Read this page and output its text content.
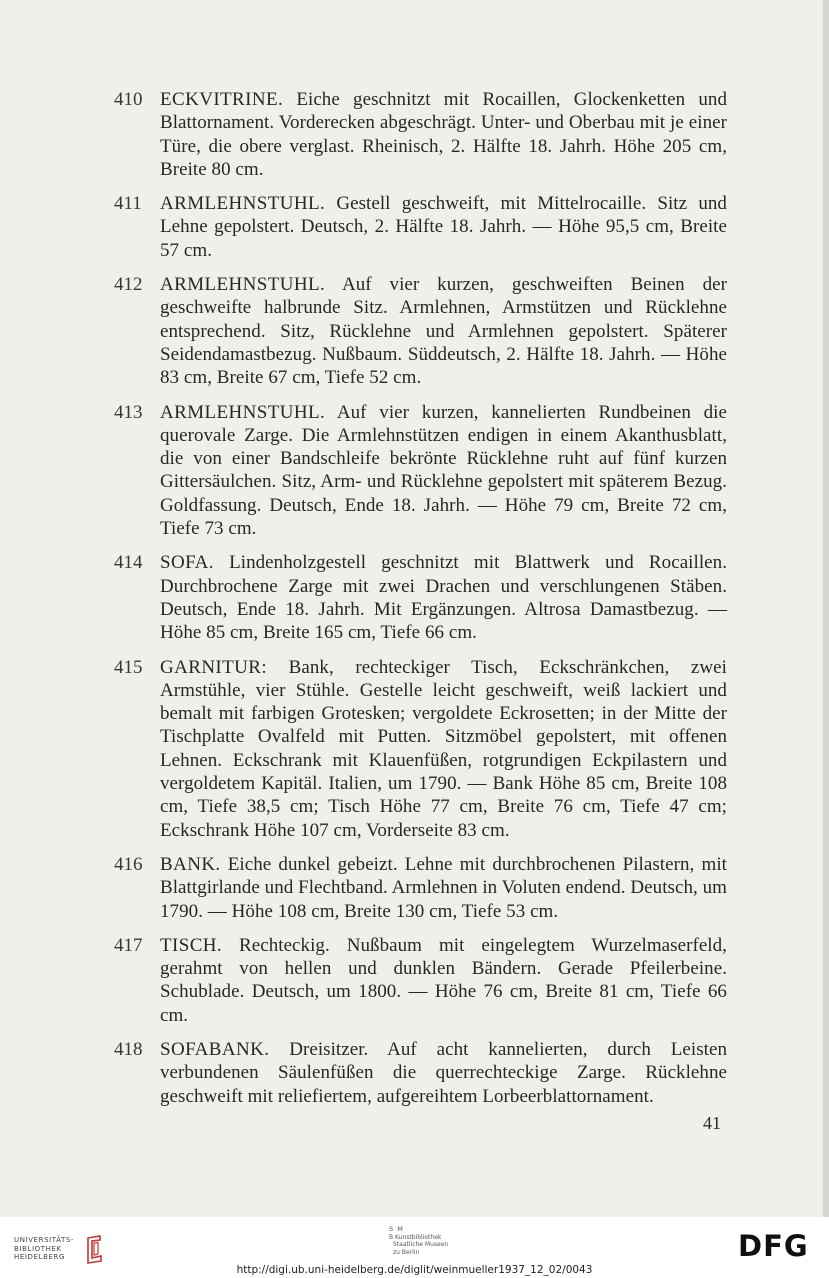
410 ECKVITRINE. Eiche geschnitzt mit Rocaillen, Glockenketten und Blattornament. Vorderecken abgeschrägt. Unter- und Oberbau mit je einer Türe, die obere verglast. Rheinisch, 2. Hälfte 18. Jahrh. Höhe 205 cm, Breite 80 cm.
411 ARMLEHNSTUHL. Gestell geschweift, mit Mittelrocaille. Sitz und Lehne gepolstert. Deutsch, 2. Hälfte 18. Jahrh. — Höhe 95,5 cm, Breite 57 cm.
412 ARMLEHNSTUHL. Auf vier kurzen, geschweiften Beinen der geschweifte halbrunde Sitz. Armlehnen, Armstützen und Rücklehne entsprechend. Sitz, Rücklehne und Armlehnen gepolstert. Späterer Seidendamastbezug. Nußbaum. Süddeutsch, 2. Hälfte 18. Jahrh. — Höhe 83 cm, Breite 67 cm, Tiefe 52 cm.
413 ARMLEHNSTUHL. Auf vier kurzen, kannelierten Rundbeinen die querovale Zarge. Die Armlehnstützen endigen in einem Akanthusblatt, die von einer Bandschleife bekrönte Rücklehne ruht auf fünf kurzen Gittersäulchen. Sitz, Arm- und Rücklehne gepolstert mit späterem Bezug. Goldfassung. Deutsch, Ende 18. Jahrh. — Höhe 79 cm, Breite 72 cm, Tiefe 73 cm.
414 SOFA. Lindenholzgestell geschnitzt mit Blattwerk und Rocaillen. Durchbrochene Zarge mit zwei Drachen und verschlungenen Stäben. Deutsch, Ende 18. Jahrh. Mit Ergänzungen. Altrosa Damastbezug. — Höhe 85 cm, Breite 165 cm, Tiefe 66 cm.
415 GARNITUR: Bank, rechteckiger Tisch, Eckschränkchen, zwei Armstühle, vier Stühle. Gestelle leicht geschweift, weiß lackiert und bemalt mit farbigen Grotesken; vergoldete Eckrosetten; in der Mitte der Tischplatte Ovalfeld mit Putten. Sitzmöbel gepolstert, mit offenen Lehnen. Eckschrank mit Klauenfüßen, rotgrundigen Eckpilastern und vergoldetem Kapitäl. Italien, um 1790. — Bank Höhe 85 cm, Breite 108 cm, Tiefe 38,5 cm; Tisch Höhe 77 cm, Breite 76 cm, Tiefe 47 cm; Eckschrank Höhe 107 cm, Vorderseite 83 cm.
416 BANK. Eiche dunkel gebeizt. Lehne mit durchbrochenen Pilastern, mit Blattgirlande und Flechtband. Armlehnen in Voluten endend. Deutsch, um 1790. — Höhe 108 cm, Breite 130 cm, Tiefe 53 cm.
417 TISCH. Rechteckig. Nußbaum mit eingelegtem Wurzelmaserfeld, gerahmt von hellen und dunklen Bändern. Gerade Pfeilerbeine. Schublade. Deutsch, um 1800. — Höhe 76 cm, Breite 81 cm, Tiefe 66 cm.
418 SOFABANK. Dreisitzer. Auf acht kannelierten, durch Leisten verbundenen Säulenfüßen die querrechteckige Zarge. Rücklehne geschweift mit reliefiertem, aufgereihtem Lorbeerblattornament.
41
UNIVERSITÄTS-
BIBLIOTHEK
HEIDELBERG
S M
B Kunstbibliothek
Staatliche Museen
zu Berlin	DFG
http://digi.ub.uni-heidelberg.de/diglit/weinmueller1937_12_02/0043
